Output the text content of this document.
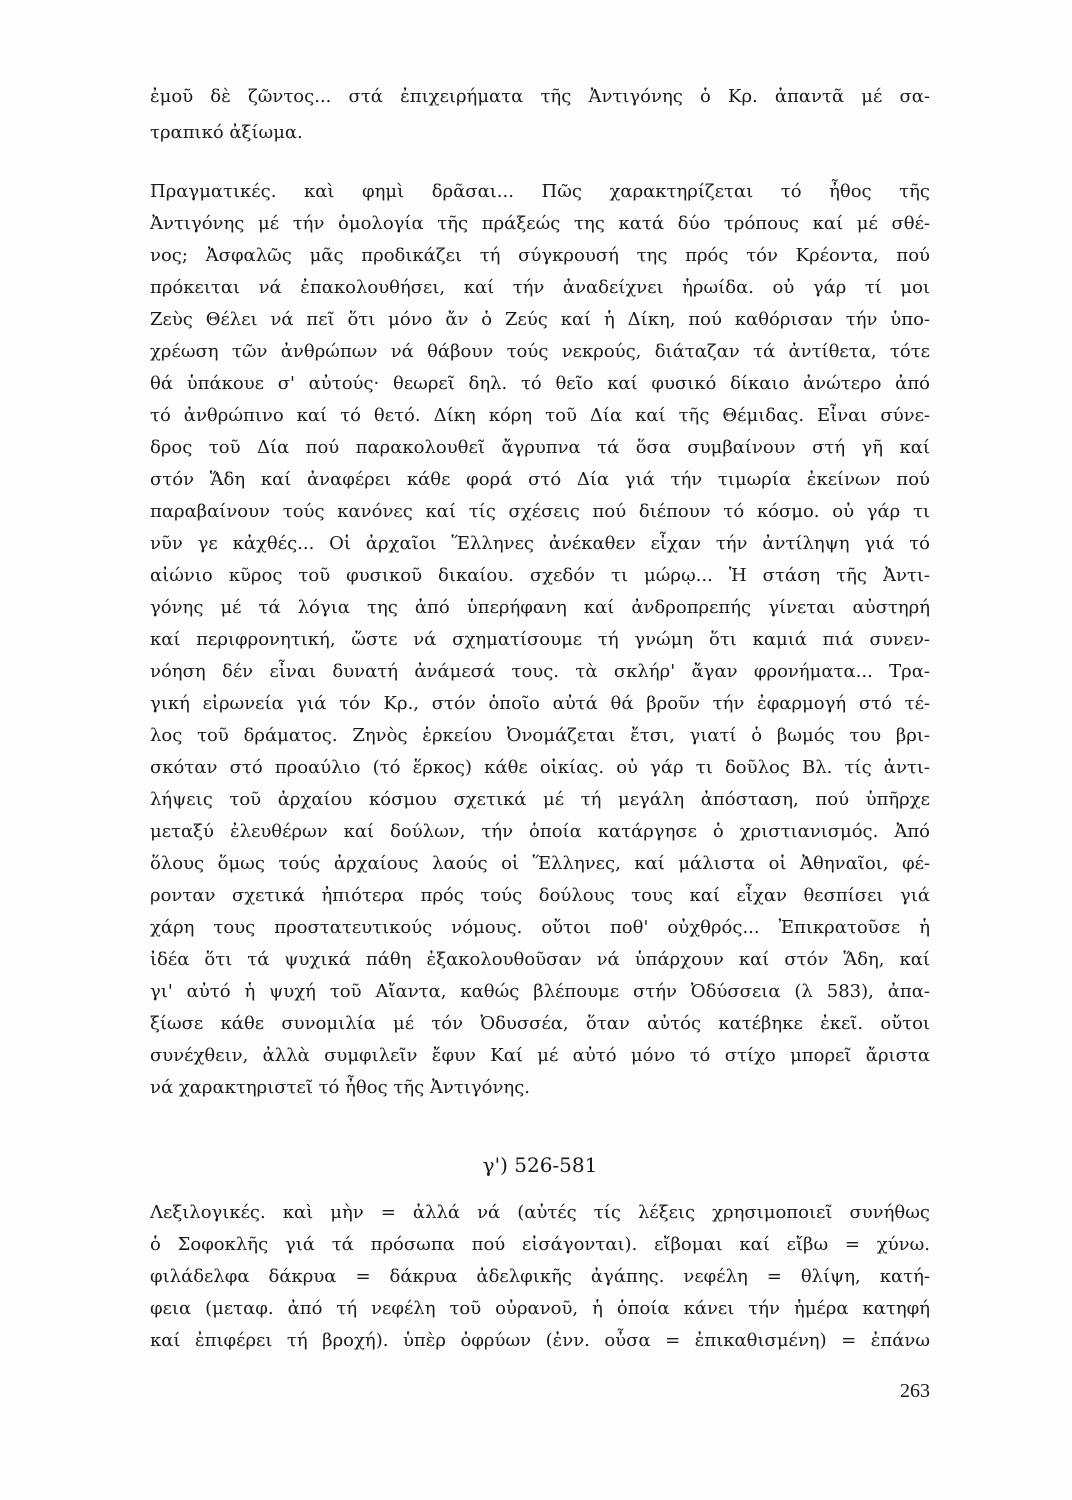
ἐμοῦ δὲ ζῶντος... στά ἐπιχειρήματα τῆς Ἀντιγόνης ὁ Κρ. ἀπαντᾶ μέ σα-
τραπικό ἀξίωμα.
Πραγματικές. καὶ φημὶ δρᾶσαι... Πῶς χαρακτηρίζεται τό ἦθος τῆς
Ἀντιγόνης μέ τήν ὁμολογία τῆς πράξεώς της κατά δύο τρόπους καί μέ σθέ-
νος; Ἀσφαλῶς μᾶς προδικάζει τή σύγκρουσή της πρός τόν Κρέοντα, πού
πρόκειται νά ἐπακολουθήσει, καί τήν ἀναδείχνει ἡρωίδα. οὐ γάρ τί μοι
Ζεὺς Θέλει νά πεῖ ὅτι μόνο ἄν ὁ Ζεύς καί ἡ Δίκη, πού καθόρισαν τήν ὑπο-
χρέωση τῶν ἀνθρώπων νά θάβουν τούς νεκρούς, διάταζαν τά ἀντίθετα, τότε
θά ὑπάκουε σ' αὐτούς· θεωρεῖ δηλ. τό θεῖο καί φυσικό δίκαιο ἀνώτερο ἀπό
τό ἀνθρώπινο καί τό θετό. Δίκη κόρη τοῦ Δία καί τῆς Θέμιδας. Εἶναι σύνε-
δρος τοῦ Δία πού παρακολουθεῖ ἄγρυπνα τά ὅσα συμβαίνουν στή γῆ καί
στόν Ἅδη καί ἀναφέρει κάθε φορά στό Δία γιά τήν τιμωρία ἐκείνων πού
παραβαίνουν τούς κανόνες καί τίς σχέσεις πού διέπουν τό κόσμο. οὐ γάρ τι
νῦν γε κἀχθές... Οἱ ἀρχαῖοι Ἕλληνες ἀνέκαθεν εἶχαν τήν ἀντίληψη γιά τό
αἰώνιο κῦρος τοῦ φυσικοῦ δικαίου. σχεδόν τι μώρῳ... Ἡ στάση τῆς Ἀντι-
γόνης μέ τά λόγια της ἀπό ὑπερήφανη καί ἀνδροπρεπής γίνεται αὐστηρή
καί περιφρονητική, ὥστε νά σχηματίσουμε τή γνώμη ὅτι καμιά πιά συνεν-
νόηση δέν εἶναι δυνατή ἀνάμεσά τους. τὰ σκλήρ' ἄγαν φρονήματα... Τρα-
γική εἰρωνεία γιά τόν Κρ., στόν ὁποῖο αὐτά θά βροῦν τήν ἐφαρμογή στό τέ-
λος τοῦ δράματος. Ζηνὸς ἑρκείου Ὀνομάζεται ἔτσι, γιατί ὁ βωμός του βρι-
σκόταν στό προαύλιο (τό ἕρκος) κάθε οἰκίας. οὐ γάρ τι δοῦλος Βλ. τίς ἀντι-
λήψεις τοῦ ἀρχαίου κόσμου σχετικά μέ τή μεγάλη ἀπόσταση, πού ὑπῆρχε
μεταξύ ἐλευθέρων καί δούλων, τήν ὁποία κατάργησε ὁ χριστιανισμός. Ἀπό
ὅλους ὅμως τούς ἀρχαίους λαούς οἱ Ἕλληνες, καί μάλιστα οἱ Ἀθηναῖοι, φέ-
ρονταν σχετικά ἠπιότερα πρός τούς δούλους τους καί εἶχαν θεσπίσει γιά
χάρη τους προστατευτικούς νόμους. οὔτοι ποθ' οὐχθρός... Ἐπικρατοῦσε ἡ
ἰδέα ὅτι τά ψυχικά πάθη ἐξακολουθοῦσαν νά ὑπάρχουν καί στόν Ἅδη, καί
γι' αὐτό ἡ ψυχή τοῦ Αἴαντα, καθώς βλέπουμε στήν Ὀδύσσεια (λ 583), ἀπα-
ξίωσε κάθε συνομιλία μέ τόν Ὀδυσσέα, ὅταν αὐτός κατέβηκε ἐκεῖ. οὔτοι
συνέχθειν, ἀλλὰ συμφιλεῖν ἔφυν Καί μέ αὐτό μόνο τό στίχο μπορεῖ ἄριστα
νά χαρακτηριστεῖ τό ἦθος τῆς Ἀντιγόνης.
γ') 526-581
Λεξιλογικές. καὶ μὴν = ἀλλά νά (αὐτές τίς λέξεις χρησιμοποιεῖ συνήθως
ὁ Σοφοκλῆς γιά τά πρόσωπα πού εἰσάγονται). εἴβομαι καί εἴβω = χύνω.
φιλάδελφα δάκρυα = δάκρυα ἀδελφικῆς ἀγάπης. νεφέλη = θλίψη, κατή-
φεια (μεταφ. ἀπό τή νεφέλη τοῦ οὐρανοῦ, ἡ ὁποία κάνει τήν ἡμέρα κατηφή
καί ἐπιφέρει τή βροχή). ὑπὲρ ὀφρύων (ἐνν. οὖσα = ἐπικαθισμένη) = ἐπάνω
263
